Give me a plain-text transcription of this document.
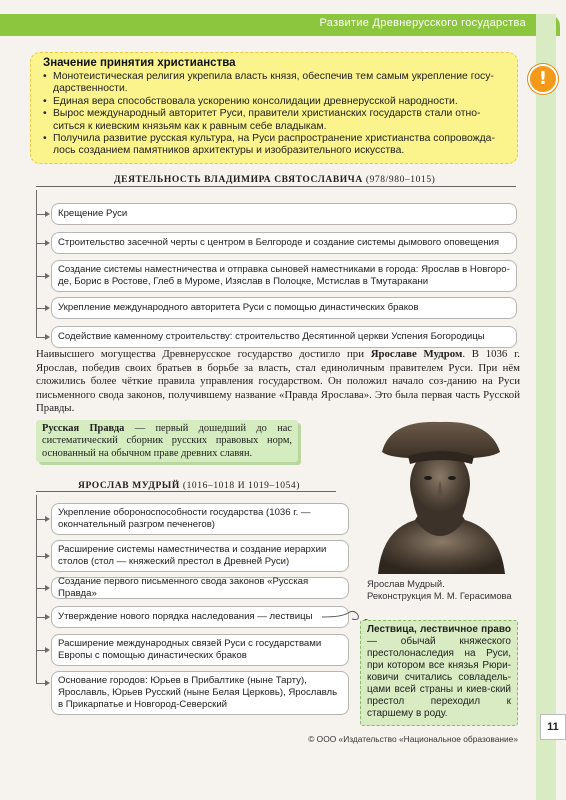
Развитие Древнерусского государства
Значение принятия христианства
• Монотеистическая религия укрепила власть князя, обеспечив тем самым укрепление госу-дарственности.
• Единая вера способствовала ускорению консолидации древнерусской народности.
• Вырос международный авторитет Руси, правители христианских государств стали отно-ситься к киевским князьям как к равным себе владыкам.
• Получила развитие русская культура, на Руси распространение христианства сопровожда-лось созданием памятников архитектуры и изобразительного искусства.
!
ДЕЯТЕЛЬНОСТЬ ВЛАДИМИРА СВЯТОСЛАВИЧА (978/980–1015)
Крещение Руси
Строительство засечной черты с центром в Белгороде и создание системы дымового оповещения
Создание системы наместничества и отправка сыновей наместниками в города: Ярослав в Новгоро-де, Борис в Ростове, Глеб в Муроме, Изяслав в Полоцке, Мстислав в Тмутаракани
Укрепление международного авторитета Руси с помощью династических браков
Содействие каменному строительству: строительство Десятинной церкви Успения Богородицы
Наивысшего могущества Древнерусское государство достигло при Ярославе Мудром. В 1036 г. Ярослав, победив своих братьев в борьбе за власть, стал единоличным правителем Руси. При нём сложились более чёткие правила управления государством. Он положил начало соз-данию на Руси письменного свода законов, получившему название «Правда Ярослава». Это была первая часть Русской Правды.
Русская Правда — первый дошедший до нас систематический сборник русских правовых норм, основанный на обычном праве древних славян.
ЯРОСЛАВ МУДРЫЙ (1016–1018 И 1019–1054)
Укрепление обороноспособности государства (1036 г. — окончательный разгром печенегов)
Расширение системы наместничества и создание иерархии столов (стол — княжеский престол в Древней Руси)
Создание первого письменного свода законов «Русская Правда»
Утверждение нового порядка наследования — лествицы
Расширение международных связей Руси с государствами Европы с помощью династических браков
Основание городов: Юрьев в Прибалтике (ныне Тарту), Ярославль, Юрьев Русский (ныне Белая Церковь), Ярославль в Прикарпатье и Новгород-Северский
Ярослав Мудрый.
Реконструкция М. М. Герасимова
Лествица, лествичное право — обычай княжеского престолонаследия на Руси, при котором все князья Рюри-ковичи считались совладель-цами всей страны и киев-ский престол переходил к старшему в роду.
11
© ООО «Издательство «Национальное образование»
